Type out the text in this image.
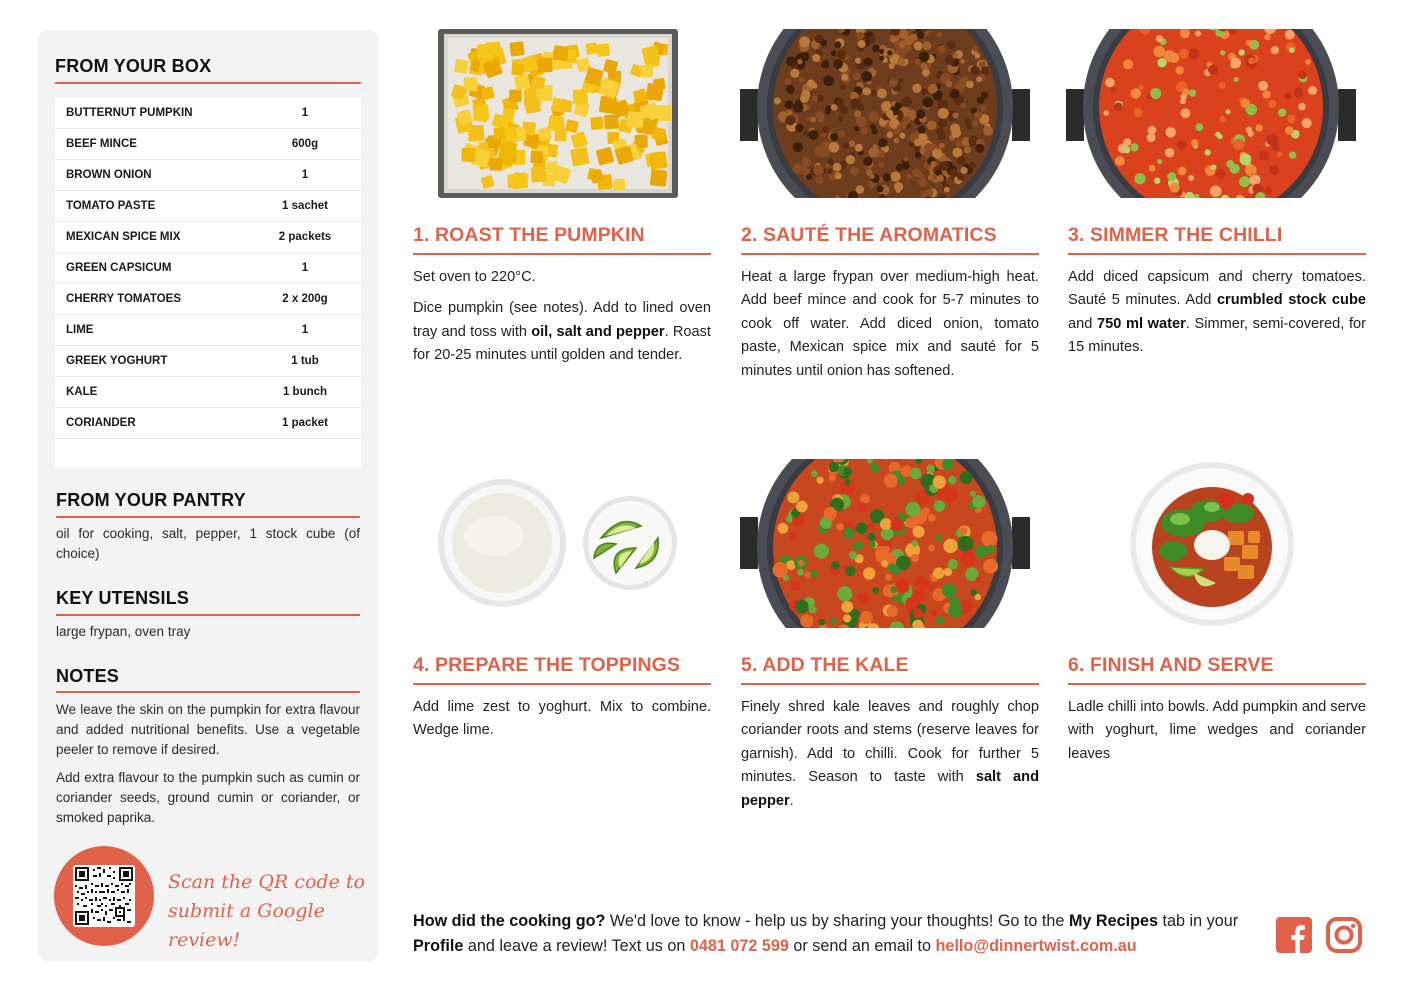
FROM YOUR BOX
BUTTERNUT PUMPKIN	1
BEEF MINCE	600g
BROWN ONION	1
TOMATO PASTE	1 sachet
MEXICAN SPICE MIX	2 packets
GREEN CAPSICUM	1
CHERRY TOMATOES	2 x 200g
LIME	1
GREEK YOGHURT	1 tub
KALE	1 bunch
CORIANDER	1 packet
FROM YOUR PANTRY
oil for cooking, salt, pepper, 1 stock cube (of choice)
KEY UTENSILS
large frypan, oven tray
NOTES
We leave the skin on the pumpkin for extra flavour and added nutritional benefits. Use a vegetable peeler to remove if desired.
Add extra flavour to the pumpkin such as cumin or coriander seeds, ground cumin or coriander, or smoked paprika.
Scan the QR code to
submit a Google review!
1. ROAST THE PUMPKIN

Set oven to 220°C.

Dice pumpkin (see notes). Add to lined oven tray and toss with oil, salt and pepper. Roast for 20-25 minutes until golden and tender.

2. SAUTÉ THE AROMATICS

Heat a large frypan over medium-high heat. Add beef mince and cook for 5-7 minutes to cook off water. Add diced onion, tomato paste, Mexican spice mix and sauté for 5 minutes until onion has softened.

3. SIMMER THE CHILLI

Add diced capsicum and cherry tomatoes. Sauté 5 minutes. Add crumbled stock cube and 750 ml water. Simmer, semi-covered, for 15 minutes.

4. PREPARE THE TOPPINGS

Add lime zest to yoghurt. Mix to combine. Wedge lime.

5. ADD THE KALE

Finely shred kale leaves and roughly chop coriander roots and stems (reserve leaves for garnish). Add to chilli. Cook for further 5 minutes. Season to taste with salt and pepper.

6. FINISH AND SERVE

Ladle chilli into bowls. Add pumpkin and serve with yoghurt, lime wedges and coriander leaves

How did the cooking go? We'd love to know - help us by sharing your thoughts! Go to the My Recipes tab in your Profile and leave a review! Text us on 0481 072 599 or send an email to hello@dinnertwist.com.au
